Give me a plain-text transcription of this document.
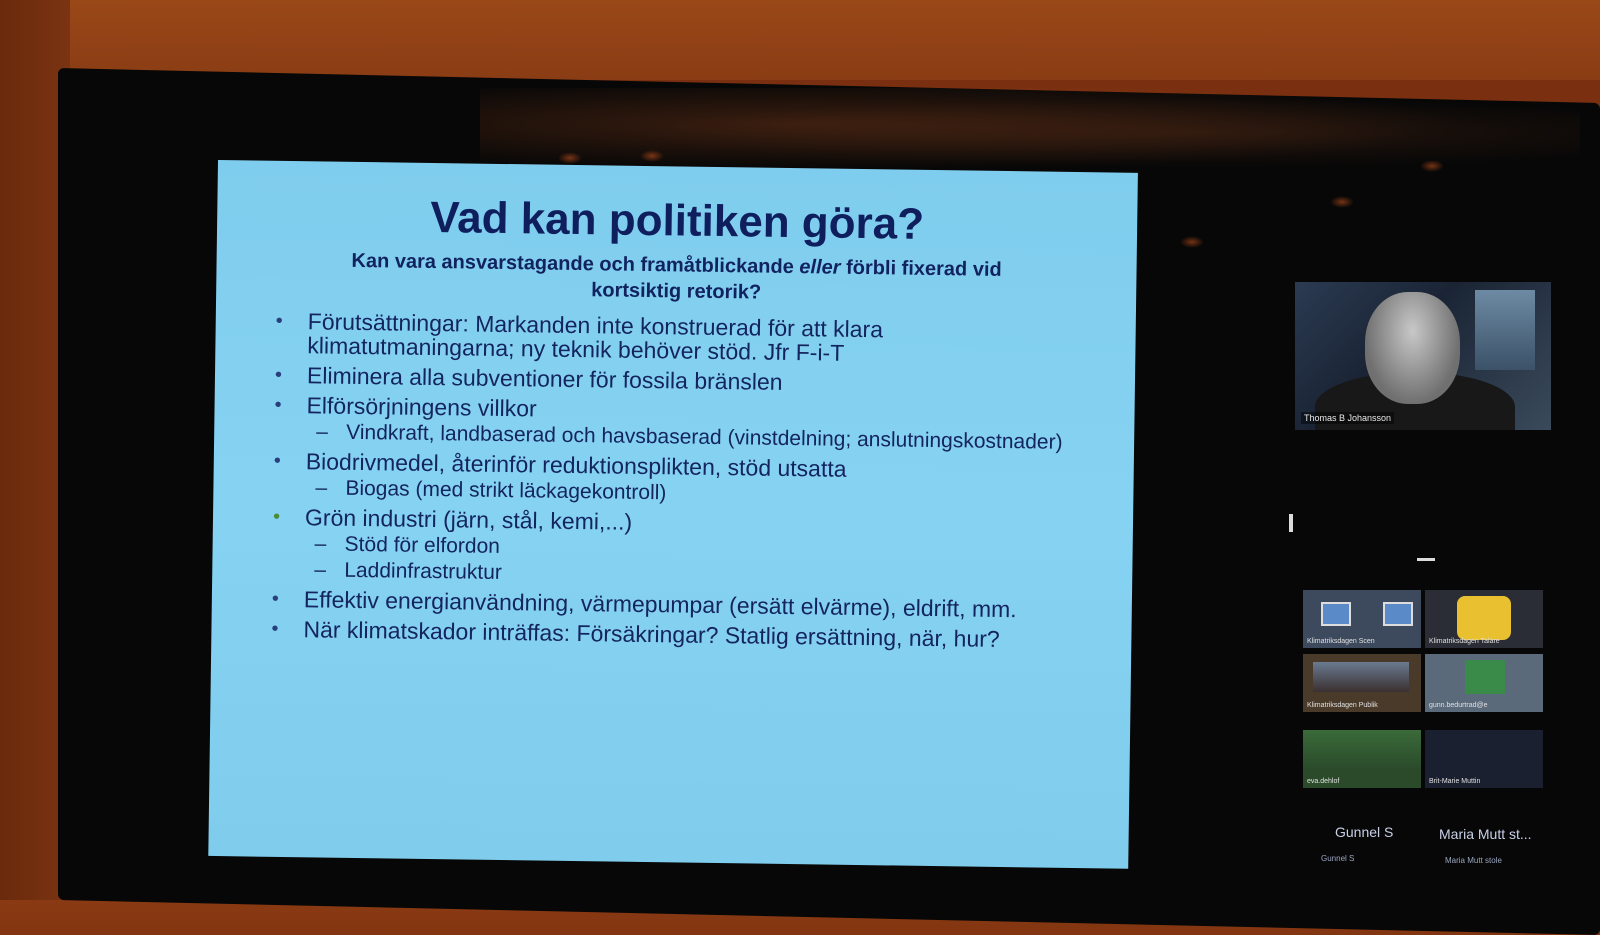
Vad kan politiken göra?
Kan vara ansvarstagande och framåtblickande eller förbli fixerad vid kortsiktig retorik?
• Förutsättningar: Markanden inte konstruerad för att klara klimatutmaningarna; ny teknik behöver stöd. Jfr F-i-T
• Eliminera alla subventioner för fossila bränslen
• Elförsörjningens villkor
– Vindkraft, landbaserad och havsbaserad (vinstdelning; anslutningskostnader)
• Biodrivmedel, återinför reduktionsplikten, stöd utsatta
– Biogas (med strikt läckagekontroll)
• Grön industri (järn, stål, kemi,...)
– Stöd för elfordon
– Laddinfrastruktur
• Effektiv energianvändning, värmepumpar (ersätt elvärme), eldrift, mm.
• När klimatskador inträffas: Försäkringar? Statlig ersättning, när, hur?
Thomas B Johansson
Klimatriksdagen Scen	Klimatriksdagen Talare
Klimatriksdagen Publik	gunn.bedurtrad@e
eva.dehlof	Brit-Marie Muttin
Gunnel S	Maria Mutt st...
Gunnel S	Maria Mutt stole
